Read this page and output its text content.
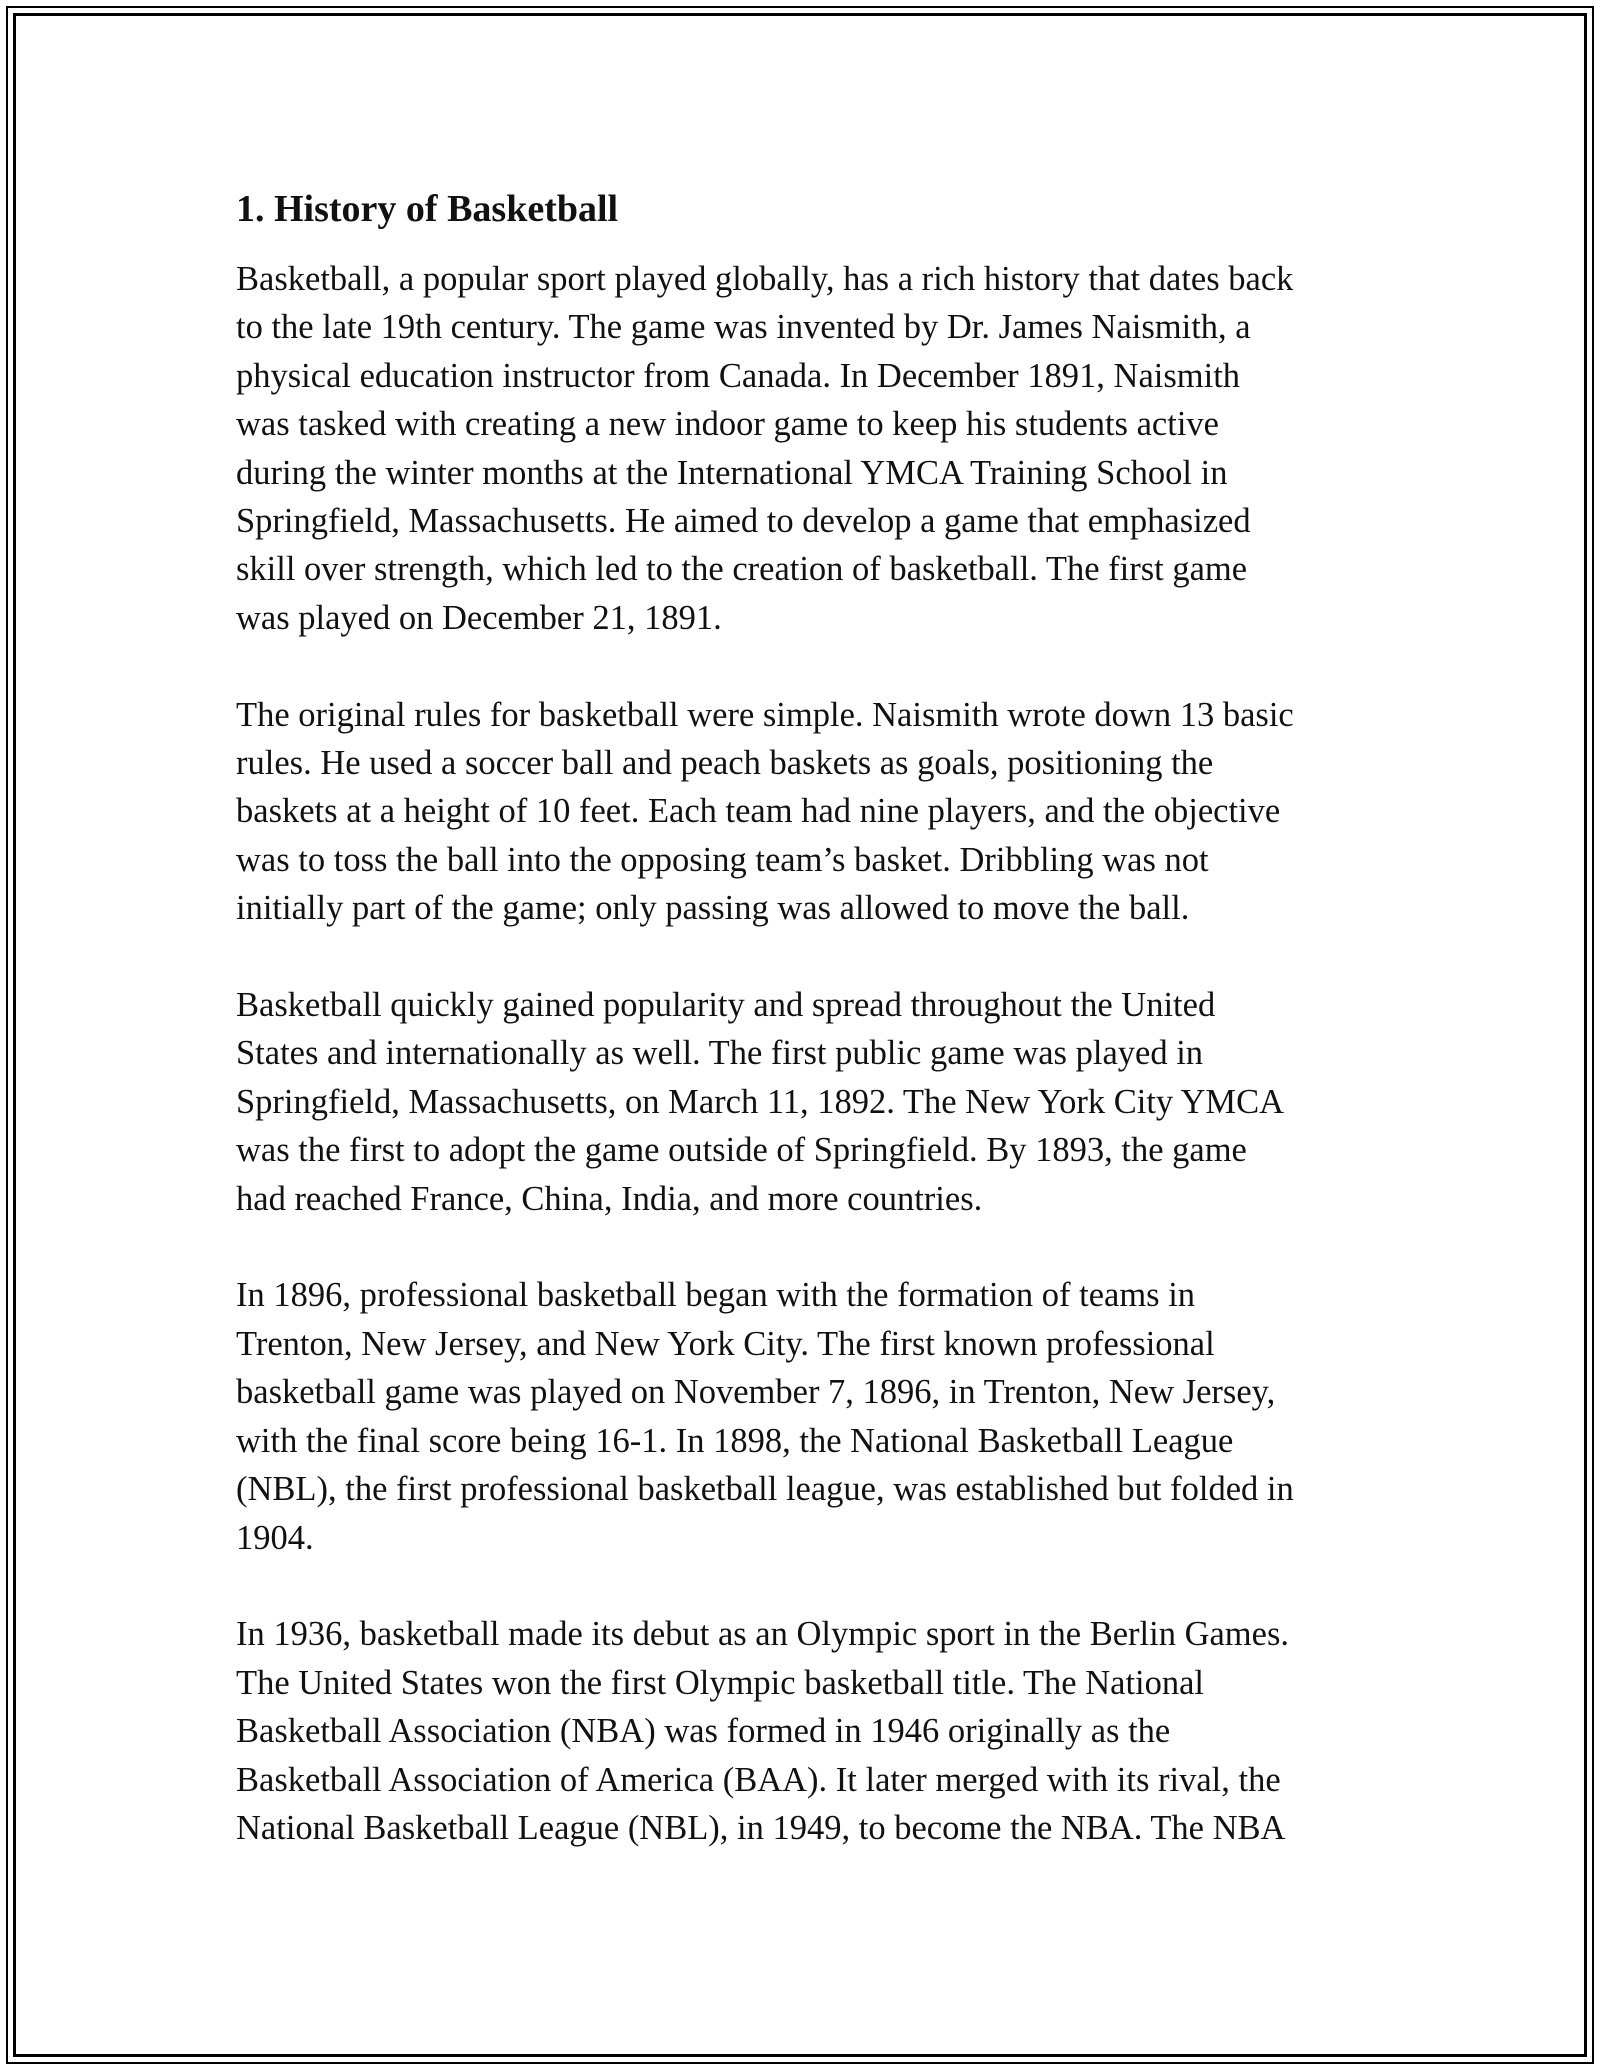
1. History of Basketball
Basketball, a popular sport played globally, has a rich history that dates back
to the late 19th century. The game was invented by Dr. James Naismith, a
physical education instructor from Canada. In December 1891, Naismith
was tasked with creating a new indoor game to keep his students active
during the winter months at the International YMCA Training School in
Springfield, Massachusetts. He aimed to develop a game that emphasized
skill over strength, which led to the creation of basketball. The first game
was played on December 21, 1891.
The original rules for basketball were simple. Naismith wrote down 13 basic
rules. He used a soccer ball and peach baskets as goals, positioning the
baskets at a height of 10 feet. Each team had nine players, and the objective
was to toss the ball into the opposing team’s basket. Dribbling was not
initially part of the game; only passing was allowed to move the ball.
Basketball quickly gained popularity and spread throughout the United
States and internationally as well. The first public game was played in
Springfield, Massachusetts, on March 11, 1892. The New York City YMCA
was the first to adopt the game outside of Springfield. By 1893, the game
had reached France, China, India, and more countries.
In 1896, professional basketball began with the formation of teams in
Trenton, New Jersey, and New York City. The first known professional
basketball game was played on November 7, 1896, in Trenton, New Jersey,
with the final score being 16-1. In 1898, the National Basketball League
(NBL), the first professional basketball league, was established but folded in
1904.
In 1936, basketball made its debut as an Olympic sport in the Berlin Games.
The United States won the first Olympic basketball title. The National
Basketball Association (NBA) was formed in 1946 originally as the
Basketball Association of America (BAA). It later merged with its rival, the
National Basketball League (NBL), in 1949, to become the NBA. The NBA
